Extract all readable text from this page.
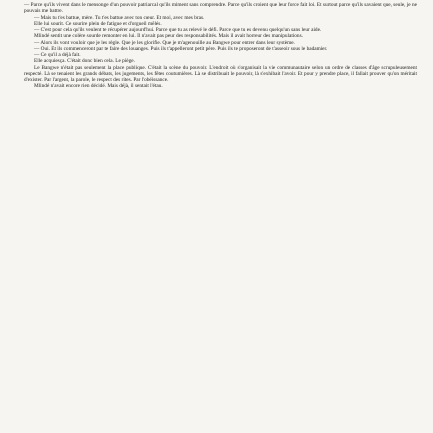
— Parce qu'ils vivent dans le mensonge d'un pouvoir patriarcal qu'ils miment sans comprendre. Parce qu'ils croient que leur force fait loi. Et surtout parce qu'ils savaient que, seule, je ne pouvais me battre.

— Mais tu t'es battue, mère. Tu t'es battue avec ton cœur. Et moi, avec mes bras.

Elle lui sourit. Ce sourire plein de fatigue et d'orgueil mêlés.

— C'est pour cela qu'ils veulent te récupérer aujourd'hui. Parce que tu as relevé le défi. Parce que tu es devenu quelqu'un sans leur aide.

Mlindé sentit une colère sourde remonter en lui. Il n'avait pas peur des responsabilités. Mais il avait horreur des manipulations.

— Alors ils vont vouloir que je les règle. Que je les glorifie. Que je m'agenouille au Bangwe pour entrer dans leur système.

— Oui. Et ils commenceront par te faire des louanges. Puis ils t'appelleront petit père. Puis ils te proposeront de t'asseoir sous le badamier.

— Ce qu'il a déjà fait.

Elle acquiesça. C'était donc bien cela. Le piège.

Le Bangwe n'était pas seulement la place publique. C'était la scène du pouvoir. L'endroit où s'organisait la vie communautaire selon un ordre de classes d'âge scrupuleusement respecté. Là se tenaient les grands débats, les jugements, les fêtes coutumières. Là se distribuait le pouvoir, là s'exhibait l'avoir. Et pour y prendre place, il fallait prouver qu'on méritait d'exister. Par l'argent, la parole, le respect des rites. Par l'obéissance.

Mlindé n'avait encore rien décidé. Mais déjà, il sentait l'étau.
